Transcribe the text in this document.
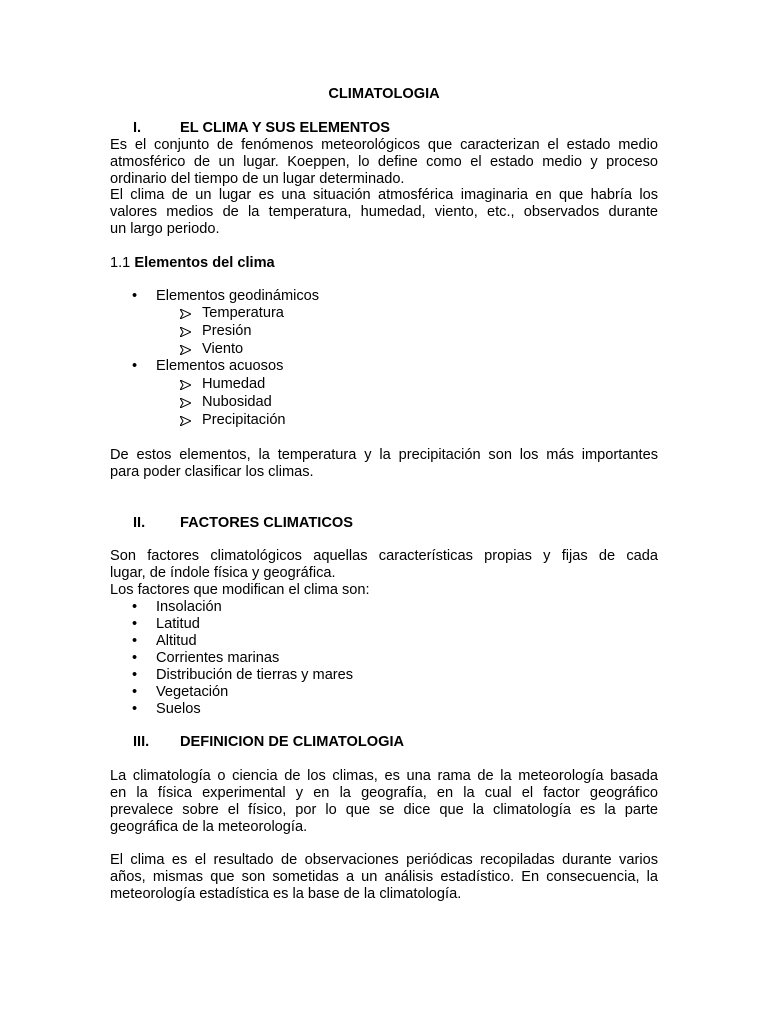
CLIMATOLOGIA
I.	EL CLIMA Y SUS ELEMENTOS
Es el conjunto de fenómenos meteorológicos que caracterizan el estado medio
atmosférico de un lugar. Koeppen, lo define como el estado medio y proceso
ordinario del tiempo de un lugar determinado.
El clima de un lugar es una situación atmosférica imaginaria en que habría los
valores medios de la temperatura, humedad, viento, etc., observados durante
un largo periodo.
1.1 Elementos del clima
• Elementos geodinámicos
Temperatura
Presión
Viento
• Elementos acuosos
Humedad
Nubosidad
Precipitación
De estos elementos, la temperatura y la precipitación son los más importantes
para poder clasificar los climas.
II. FACTORES CLIMATICOS
Son factores climatológicos aquellas características propias y fijas de cada
lugar, de índole física y geográfica.
Los factores que modifican el clima son:
• Insolación
• Latitud
• Altitud
• Corrientes marinas
• Distribución de tierras y mares
• Vegetación
• Suelos
III. DEFINICION DE CLIMATOLOGIA
La climatología o ciencia de los climas, es una rama de la meteorología basada
en la física experimental y en la geografía, en la cual el factor geográfico
prevalece sobre el físico, por lo que se dice que la climatología es la parte
geográfica de la meteorología.
El clima es el resultado de observaciones periódicas recopiladas durante varios
años, mismas que son sometidas a un análisis estadístico. En consecuencia, la
meteorología estadística es la base de la climatología.
